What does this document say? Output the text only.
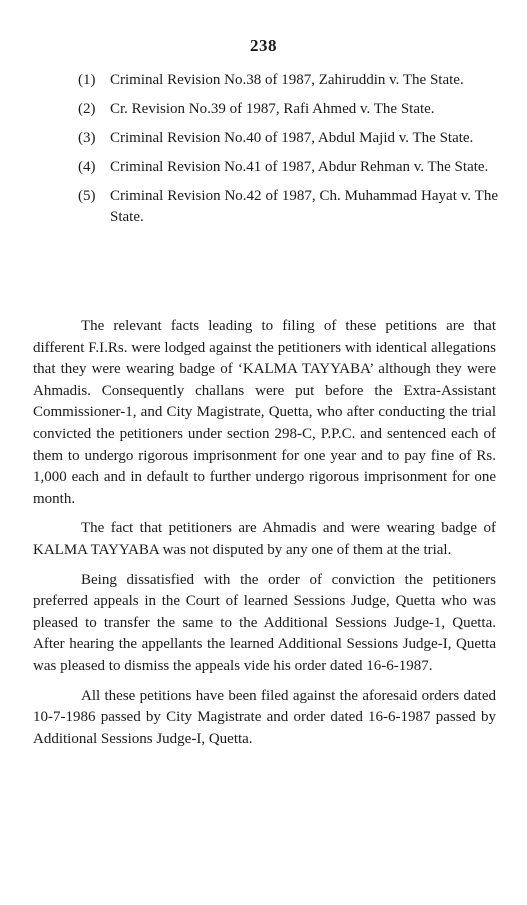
238
(1) Criminal Revision No.38 of 1987, Zahiruddin v. The State.
(2) Cr. Revision No.39 of 1987, Rafi Ahmed v. The State.
(3) Criminal Revision No.40 of 1987, Abdul Majid v. The State.
(4) Criminal Revision No.41 of 1987, Abdur Rehman v. The State.
(5) Criminal Revision No.42 of 1987, Ch. Muhammad Hayat v. The State.

The relevant facts leading to filing of these petitions are that different F.I.Rs. were lodged against the petitioners with identical allegations that they were wearing badge of ‘KALMA TAYYABA’ although they were Ahmadis. Consequently challans were put before the Extra-Assistant Commissioner-1, and City Magistrate, Quetta, who after conducting the trial convicted the petitioners under section 298-C, P.P.C. and sentenced each of them to undergo rigorous imprisonment for one year and to pay fine of Rs. 1,000 each and in default to further undergo rigorous imprisonment for one month.

The fact that petitioners are Ahmadis and were wearing badge of KALMA TAYYABA was not disputed by any one of them at the trial.

Being dissatisfied with the order of conviction the petitioners preferred appeals in the Court of learned Sessions Judge, Quetta who was pleased to transfer the same to the Additional Sessions Judge-1, Quetta. After hearing the appellants the learned Additional Sessions Judge-I, Quetta was pleased to dismiss the appeals vide his order dated 16-6-1987.

All these petitions have been filed against the aforesaid orders dated 10-7-1986 passed by City Magistrate and order dated 16-6-1987 passed by Additional Sessions Judge-I, Quetta.
